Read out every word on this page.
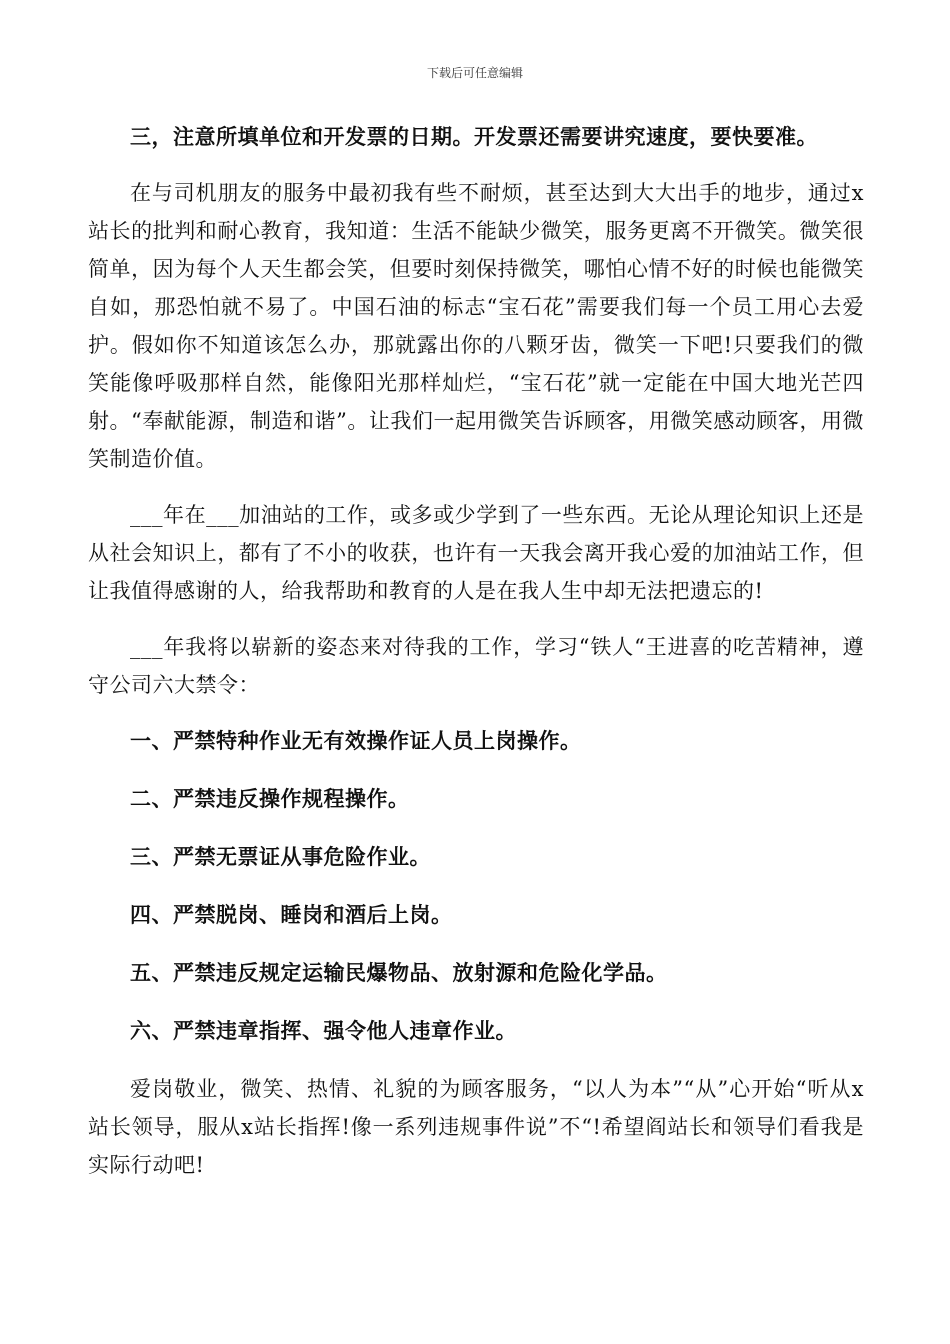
下载后可任意编辑

三，注意所填单位和开发票的日期。开发票还需要讲究速度，要快要准。

在与司机朋友的服务中最初我有些不耐烦，甚至达到大大出手的地步，通过x站长的批判和耐心教育，我知道：生活不能缺少微笑，服务更离不开微笑。微笑很简单，因为每个人天生都会笑，但要时刻保持微笑，哪怕心情不好的时候也能微笑自如，那恐怕就不易了。中国石油的标志“宝石花”需要我们每一个员工用心去爱护。假如你不知道该怎么办，那就露出你的八颗牙齿，微笑一下吧!只要我们的微笑能像呼吸那样自然，能像阳光那样灿烂，“宝石花”就一定能在中国大地光芒四射。“奉献能源，制造和谐”。让我们一起用微笑告诉顾客，用微笑感动顾客，用微笑制造价值。

___年在___加油站的工作，或多或少学到了一些东西。无论从理论知识上还是从社会知识上，都有了不小的收获，也许有一天我会离开我心爱的加油站工作，但让我值得感谢的人，给我帮助和教育的人是在我人生中却无法把遗忘的!

___年我将以崭新的姿态来对待我的工作，学习“铁人“王进喜的吃苦精神，遵守公司六大禁令：

一、严禁特种作业无有效操作证人员上岗操作。

二、严禁违反操作规程操作。

三、严禁无票证从事危险作业。

四、严禁脱岗、睡岗和酒后上岗。

五、严禁违反规定运输民爆物品、放射源和危险化学品。

六、严禁违章指挥、强令他人违章作业。

爱岗敬业，微笑、热情、礼貌的为顾客服务，“以人为本”“从”心开始“听从x站长领导，服从x站长指挥!像一系列违规事件说”不“!希望阎站长和领导们看我是实际行动吧!
